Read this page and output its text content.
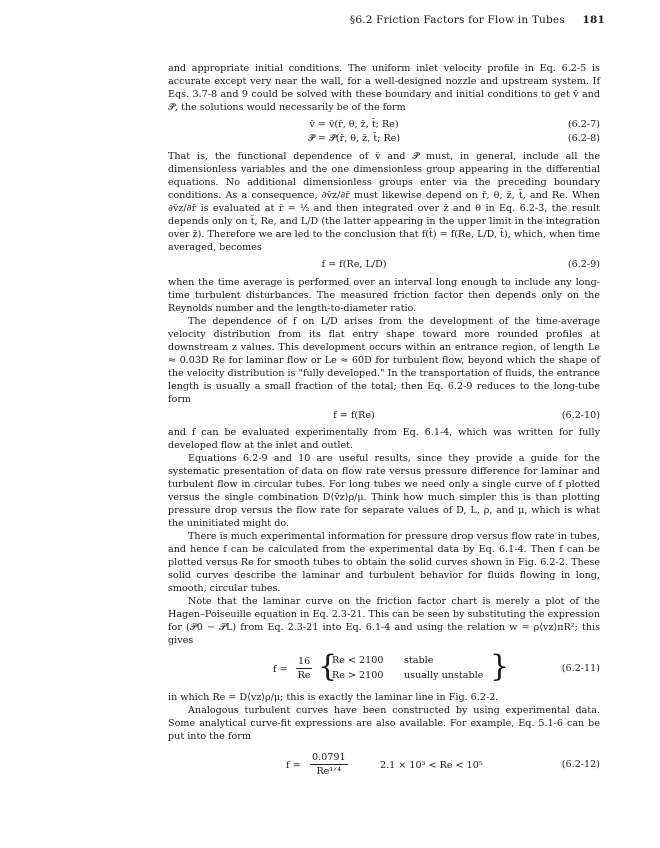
§6.2 Friction Factors for Flow in Tubes 181

and appropriate initial conditions. The uniform inlet velocity profile in Eq. 6.2-5 is accurate except very near the wall, for a well-designed nozzle and upstream system. If Eqs. 3.7-8 and 9 could be solved with these boundary and initial conditions to get v̆ and 𝒫̆, the solutions would necessarily be of the form

v̆ = v̆(r̆, θ, z̆, t̆; Re)	(6.2-7)
𝒫̆ = 𝒫̆(r̆, θ, z̆, t̆; Re)	(6.2-8)

That is, the functional dependence of v̆ and 𝒫̆ must, in general, include all the dimensionless variables and the one dimensionless group appearing in the differential equations. No additional dimensionless groups enter via the preceding boundary conditions. As a consequence, ∂v̆z/∂r̆ must likewise depend on r̆, θ, z̆, t̆, and Re. When ∂v̆z/∂r̆ is evaluated at r̆ = ½ and then integrated over z̆ and θ in Eq. 6.2-3, the result depends only on t̆, Re, and L/D (the latter appearing in the upper limit in the integration over z̆). Therefore we are led to the conclusion that f(t̆) = f(Re, L/D, t̆), which, when time averaged, becomes

f = f(Re, L/D)	(6.2-9)

when the time average is performed over an interval long enough to include any long-time turbulent disturbances. The measured friction factor then depends only on the Reynolds number and the length-to-diameter ratio.

The dependence of f on L/D arises from the development of the time-average velocity distribution from its flat entry shape toward more rounded profiles at downstream z values. This development occurs within an entrance region, of length Le ≈ 0.03D Re for laminar flow or Le ≈ 60D for turbulent flow, beyond which the shape of the velocity distribution is "fully developed." In the transportation of fluids, the entrance length is usually a small fraction of the total; then Eq. 6.2-9 reduces to the long-tube form

f = f(Re)	(6.2-10)

and f can be evaluated experimentally from Eq. 6.1-4, which was written for fully developed flow at the inlet and outlet.

Equations 6.2-9 and 10 are useful results, since they provide a guide for the systematic presentation of data on flow rate versus pressure difference for laminar and turbulent flow in circular tubes. For long tubes we need only a single curve of f plotted versus the single combination D⟨v̄z⟩ρ/μ. Think how much simpler this is than plotting pressure drop versus the flow rate for separate values of D, L, ρ, and μ, which is what the uninitiated might do.

There is much experimental information for pressure drop versus flow rate in tubes, and hence f can be calculated from the experimental data by Eq. 6.1-4. Then f can be plotted versus Re for smooth tubes to obtain the solid curves shown in Fig. 6.2-2. These solid curves describe the laminar and turbulent behavior for fluids flowing in long, smooth, circular tubes.

Note that the laminar curve on the friction factor chart is merely a plot of the Hagen–Poiseuille equation in Eq. 2.3-21. This can be seen by substituting the expression for (𝒫0 − 𝒫L) from Eq. 2.3-21 into Eq. 6.1-4 and using the relation w = ρ⟨vz⟩πR²; this gives

$f = \frac{16}{Re}$ {
Re < 2100 stable
Re > 2100 usually unstable }	(6.2-11)

in which Re = D⟨vz⟩ρ/μ; this is exactly the laminar line in Fig. 6.2-2.

Analogous turbulent curves have been constructed by using experimental data. Some analytical curve-fit expressions are also available. For example, Eq. 5.1-6 can be put into the form

f =
0.0791
Re¹ᐟ⁴
2.1 × 10³ < Re < 10⁵	(6.2-12)
